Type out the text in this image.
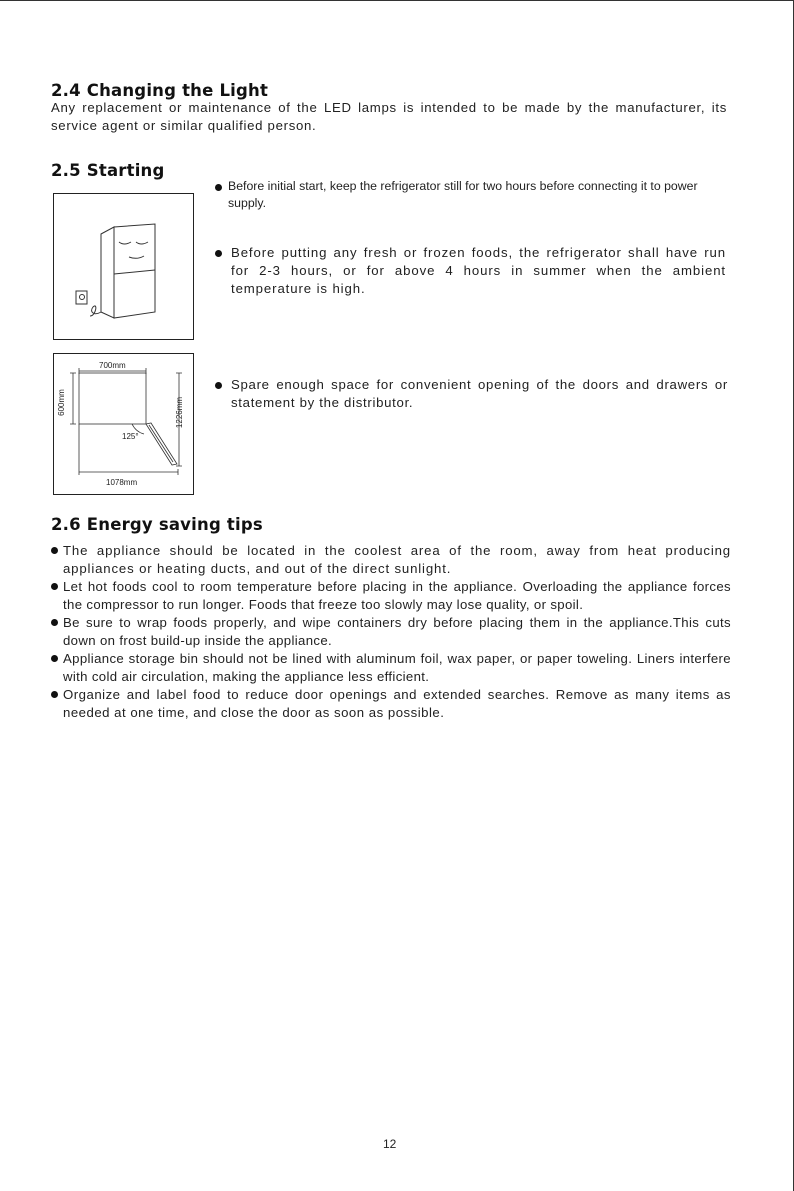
2.4 Changing the Light
Any replacement or maintenance of the LED lamps is intended to be made by the manufacturer, its service agent or similar qualified person.
2.5 Starting
700mm
600mm
125°
1226mm
1078mm
Before initial start, keep the refrigerator still for two hours before connecting it to power supply.
Before putting any fresh or frozen foods, the refrigerator shall have run for 2-3 hours, or for above 4 hours in summer when the ambient temperature is high.
Spare enough space for convenient opening of the doors and drawers or statement by the distributor.
2.6 Energy saving tips
The appliance should be located in the coolest area of the room, away from heat producing appliances or heating ducts, and out of the direct sunlight.
Let hot foods cool to room temperature before placing in the appliance. Overloading the appliance forces the compressor to run longer. Foods that freeze too slowly may lose quality, or spoil.
Be sure to wrap foods properly, and wipe containers dry before placing them in the appliance.This cuts down on frost build-up inside the appliance.
Appliance storage bin should not be lined with aluminum foil, wax paper, or paper toweling. Liners interfere with cold air circulation, making the appliance less efficient.
Organize and label food to reduce door openings and extended searches. Remove as many items as needed at one time, and close the door as soon as possible.
12
